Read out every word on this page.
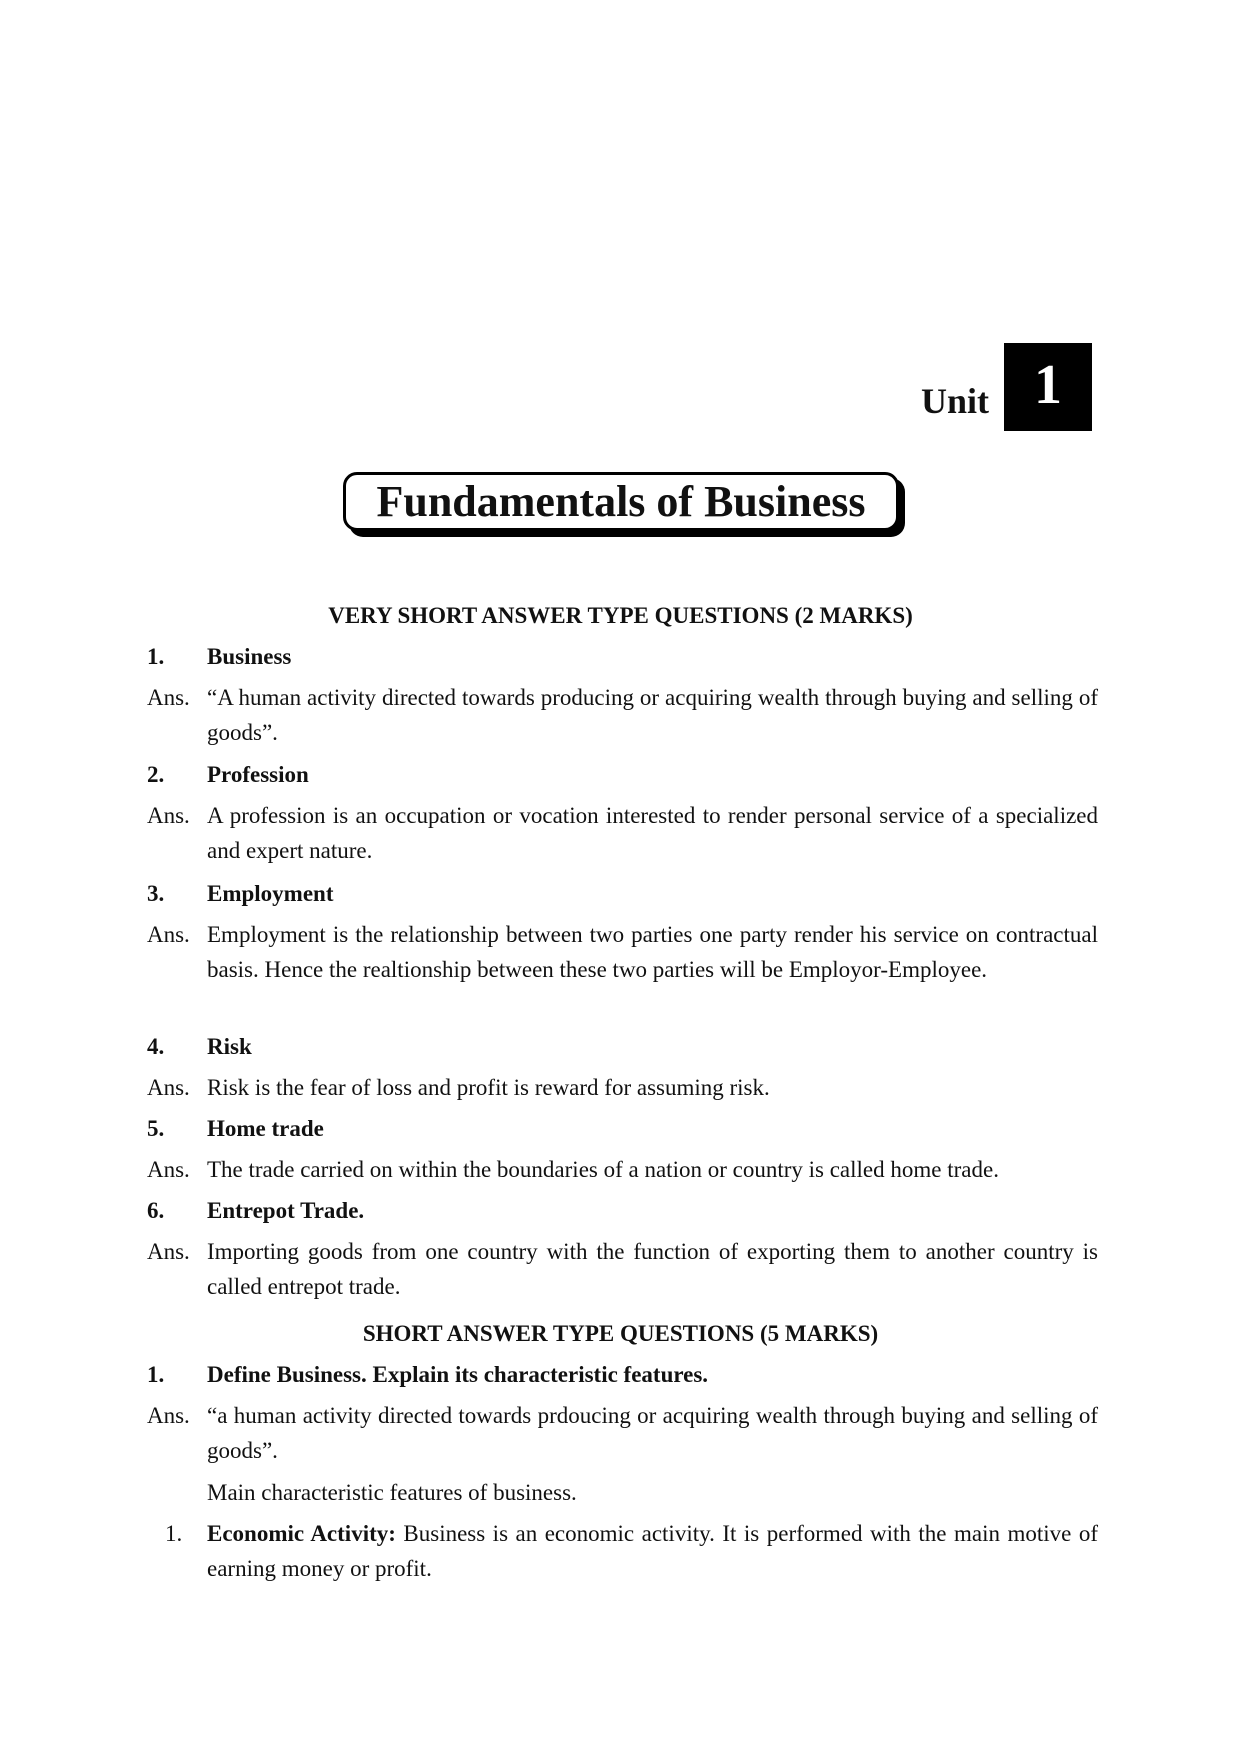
Unit 1
Fundamentals of Business
VERY SHORT ANSWER TYPE QUESTIONS (2 MARKS)
1. Business
Ans. “A human activity directed towards producing or acquiring wealth through buying and selling of goods”.
2. Profession
Ans. A profession is an occupation or vocation interested to render personal service of a specialized and expert nature.
3. Employment
Ans. Employment is the relationship between two parties one party render his service on contractual basis. Hence the realtionship between these two parties will be Employor-Employee.
4. Risk
Ans. Risk is the fear of loss and profit is reward for assuming risk.
5. Home trade
Ans. The trade carried on within the boundaries of a nation or country is called home trade.
6. Entrepot Trade.
Ans. Importing goods from one country with the function of exporting them to another country is called entrepot trade.
SHORT ANSWER TYPE QUESTIONS (5 MARKS)
1. Define Business. Explain its characteristic features.
Ans. “a human activity directed towards prdoucing or acquiring wealth through buying and selling of goods”.
Main characteristic features of business.
1. Economic Activity: Business is an economic activity. It is performed with the main motive of earning money or profit.
